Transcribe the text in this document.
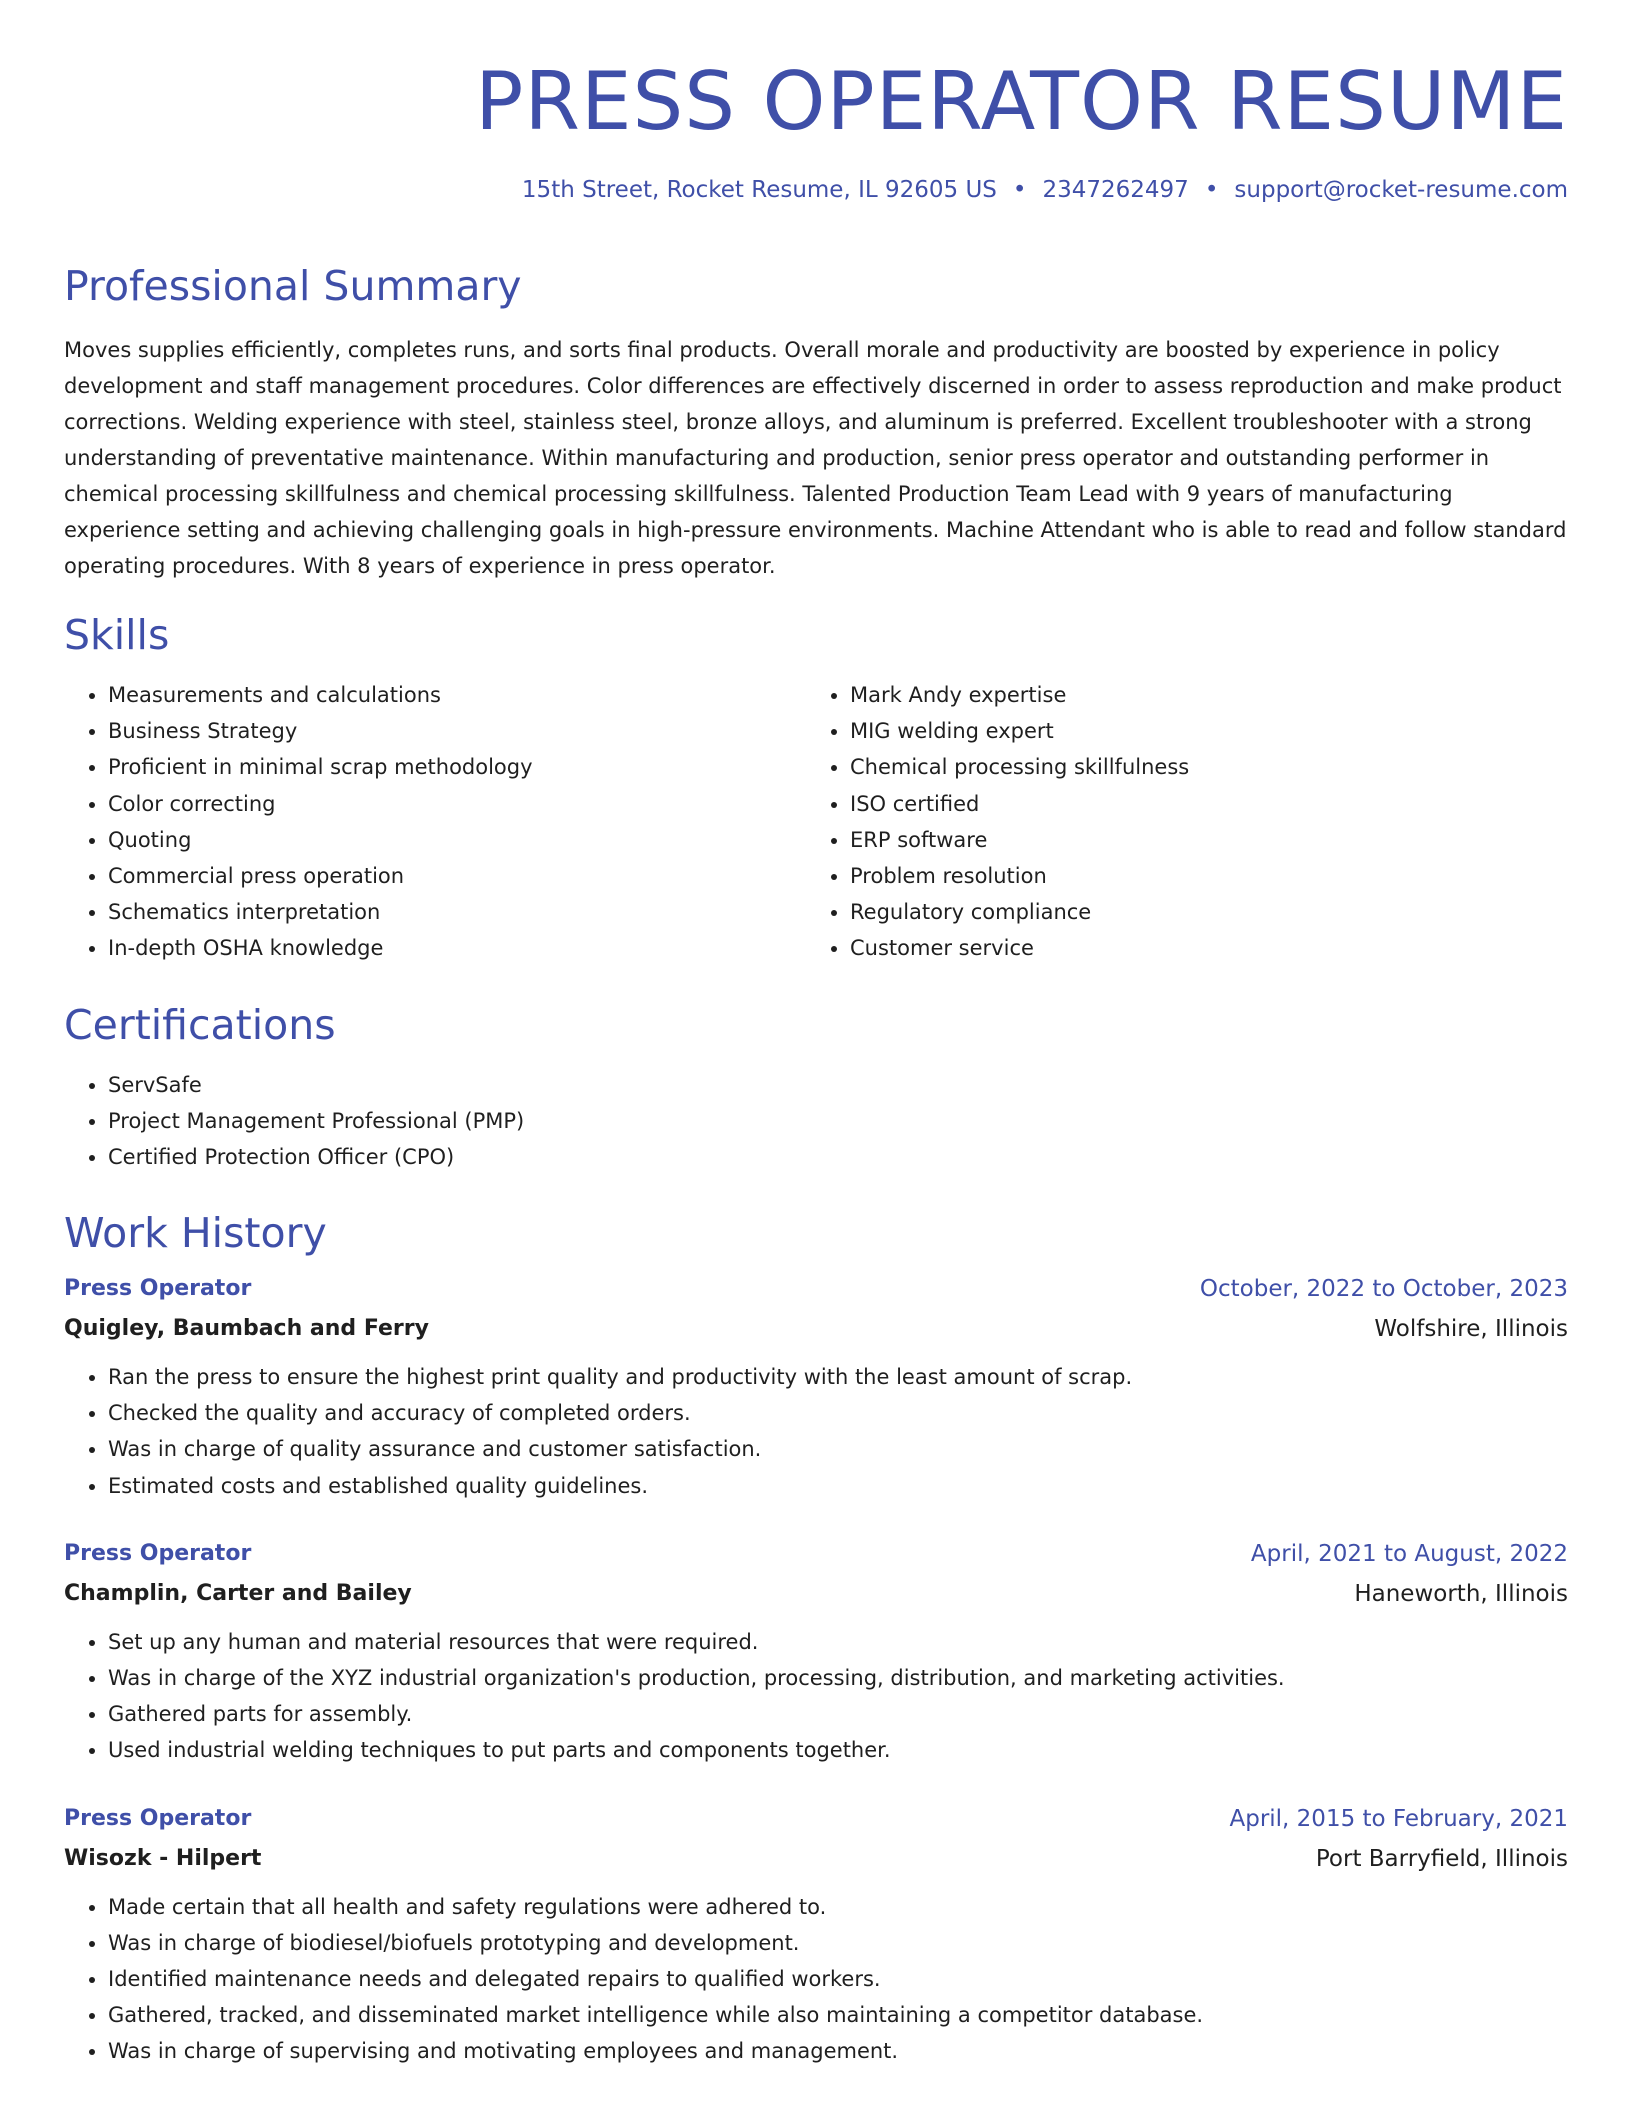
PRESS OPERATOR RESUME
15th Street, Rocket Resume, IL 92605 US • 2347262497 • support@rocket-resume.com
Professional Summary

Moves supplies efficiently, completes runs, and sorts final products. Overall morale and productivity are boosted by experience in policy development and staff management procedures. Color differences are effectively discerned in order to assess reproduction and make product corrections. Welding experience with steel, stainless steel, bronze alloys, and aluminum is preferred. Excellent troubleshooter with a strong understanding of preventative maintenance. Within manufacturing and production, senior press operator and outstanding performer in chemical processing skillfulness and chemical processing skillfulness. Talented Production Team Lead with 9 years of manufacturing experience setting and achieving challenging goals in high-pressure environments. Machine Attendant who is able to read and follow standard operating procedures. With 8 years of experience in press operator.

Skills
• Measurements and calculations
• Business Strategy
• Proficient in minimal scrap methodology
• Color correcting
• Quoting
• Commercial press operation
• Schematics interpretation
• In-depth OSHA knowledge
• Mark Andy expertise
• MIG welding expert
• Chemical processing skillfulness
• ISO certified
• ERP software
• Problem resolution
• Regulatory compliance
• Customer service
Certifications
• ServSafe
• Project Management Professional (PMP)
• Certified Protection Officer (CPO)
Work History
Press Operator	October, 2022 to October, 2023
Quigley, Baumbach and Ferry	Wolfshire, Illinois
• Ran the press to ensure the highest print quality and productivity with the least amount of scrap.
• Checked the quality and accuracy of completed orders.
• Was in charge of quality assurance and customer satisfaction.
• Estimated costs and established quality guidelines.
Press Operator	April, 2021 to August, 2022
Champlin, Carter and Bailey	Haneworth, Illinois
• Set up any human and material resources that were required.
• Was in charge of the XYZ industrial organization's production, processing, distribution, and marketing activities.
• Gathered parts for assembly.
• Used industrial welding techniques to put parts and components together.
Press Operator	April, 2015 to February, 2021
Wisozk - Hilpert	Port Barryfield, Illinois
• Made certain that all health and safety regulations were adhered to.
• Was in charge of biodiesel/biofuels prototyping and development.
• Identified maintenance needs and delegated repairs to qualified workers.
• Gathered, tracked, and disseminated market intelligence while also maintaining a competitor database.
• Was in charge of supervising and motivating employees and management.
